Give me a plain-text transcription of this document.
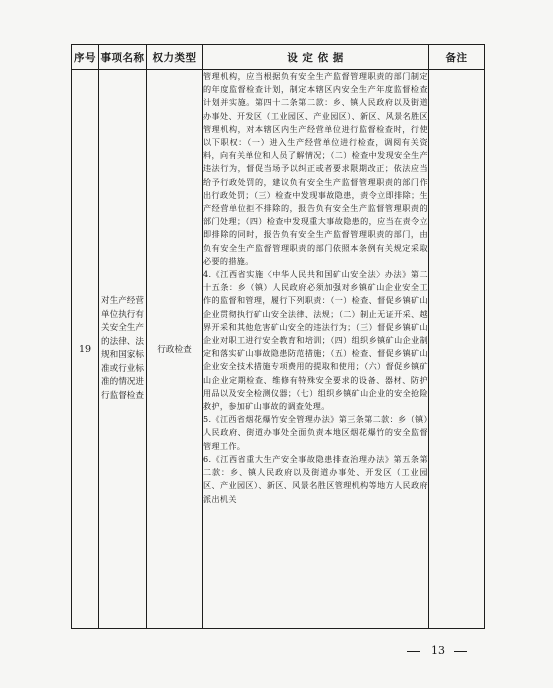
序号	事项名称	权力类型	设 定 依 据	备注
19	对生产经营单位执行有关安全生产的法律、法规和国家标准或行业标准的情况进行监督检查	行政检查	管理机构，应当根据负有安全生产监督管理职责的部门制定的年度监督检查计划，制定本辖区内安全生产年度监督检查计划并实施。第四十二条第二款：乡、镇人民政府以及街道办事处、开发区（工业园区、产业园区）、新区、风景名胜区管理机构，对本辖区内生产经营单位进行监督检查时，行使以下职权：（一）进入生产经营单位进行检查，调阅有关资料，向有关单位和人员了解情况；（二）检查中发现安全生产违法行为，督促当场予以纠正或者要求限期改正；依法应当给予行政处罚的，建议负有安全生产监督管理职责的部门作出行政处罚；（三）检查中发现事故隐患，责令立即排除；生产经营单位拒不排除的，报告负有安全生产监督管理职责的部门处理；（四）检查中发现重大事故隐患的，应当在责令立即排除的同时，报告负有安全生产监督管理职责的部门，由负有安全生产监督管理职责的部门依照本条例有关规定采取必要的措施。

4.《江西省实施〈中华人民共和国矿山安全法〉办法》第二十五条：乡（镇）人民政府必须加强对乡镇矿山企业安全工作的监督和管理，履行下列职责：（一）检查、督促乡镇矿山企业贯彻执行矿山安全法律、法规；（二）制止无证开采、越界开采和其他危害矿山安全的违法行为；（三）督促乡镇矿山企业对职工进行安全教育和培训；（四）组织乡镇矿山企业制定和落实矿山事故隐患防范措施；（五）检查、督促乡镇矿山企业安全技术措施专项费用的提取和使用；（六）督促乡镇矿山企业定期检查、维修有特殊安全要求的设备、器材、防护用品以及安全检测仪器；（七）组织乡镇矿山企业的安全抢险救护，参加矿山事故的调查处理。

5.《江西省烟花爆竹安全管理办法》第三条第二款：乡（镇）人民政府、街道办事处全面负责本地区烟花爆竹的安全监督管理工作。

6.《江西省重大生产安全事故隐患排查治理办法》第五条第二款：乡、镇人民政府以及街道办事处、开发区（工业园区、产业园区）、新区、风景名胜区管理机构等地方人民政府派出机关	

13
